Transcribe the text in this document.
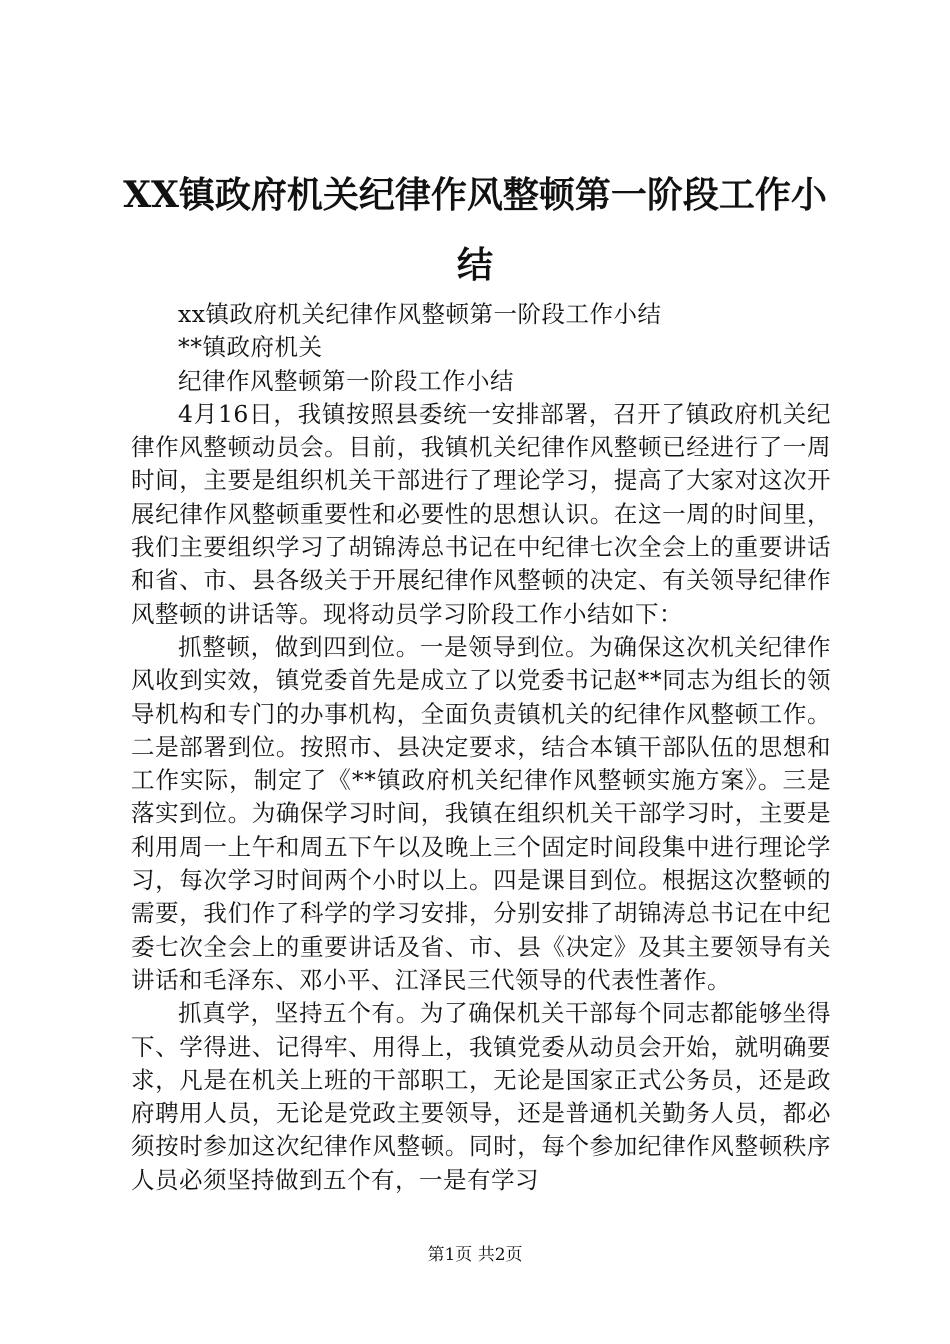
XX镇政府机关纪律作风整顿第一阶段工作小结

xx镇政府机关纪律作风整顿第一阶段工作小结

**镇政府机关

纪律作风整顿第一阶段工作小结

4月16日，我镇按照县委统一安排部署，召开了镇政府机关纪律作风整顿动员会。目前，我镇机关纪律作风整顿已经进行了一周时间，主要是组织机关干部进行了理论学习，提高了大家对这次开展纪律作风整顿重要性和必要性的思想认识。在这一周的时间里，我们主要组织学习了胡锦涛总书记在中纪律七次全会上的重要讲话和省、市、县各级关于开展纪律作风整顿的决定、有关领导纪律作风整顿的讲话等。现将动员学习阶段工作小结如下：

抓整顿，做到四到位。一是领导到位。为确保这次机关纪律作风收到实效，镇党委首先是成立了以党委书记赵**同志为组长的领导机构和专门的办事机构，全面负责镇机关的纪律作风整顿工作。二是部署到位。按照市、县决定要求，结合本镇干部队伍的思想和工作实际，制定了《**镇政府机关纪律作风整顿实施方案》。三是落实到位。为确保学习时间，我镇在组织机关干部学习时，主要是利用周一上午和周五下午以及晚上三个固定时间段集中进行理论学习，每次学习时间两个小时以上。四是课目到位。根据这次整顿的需要，我们作了科学的学习安排，分别安排了胡锦涛总书记在中纪委七次全会上的重要讲话及省、市、县《决定》及其主要领导有关讲话和毛泽东、邓小平、江泽民三代领导的代表性著作。

抓真学，坚持五个有。为了确保机关干部每个同志都能够坐得下、学得进、记得牢、用得上，我镇党委从动员会开始，就明确要求，凡是在机关上班的干部职工，无论是国家正式公务员，还是政府聘用人员，无论是党政主要领导，还是普通机关勤务人员，都必须按时参加这次纪律作风整顿。同时，每个参加纪律作风整顿秩序人员必须坚持做到五个有，一是有学习

第1页 共2页
